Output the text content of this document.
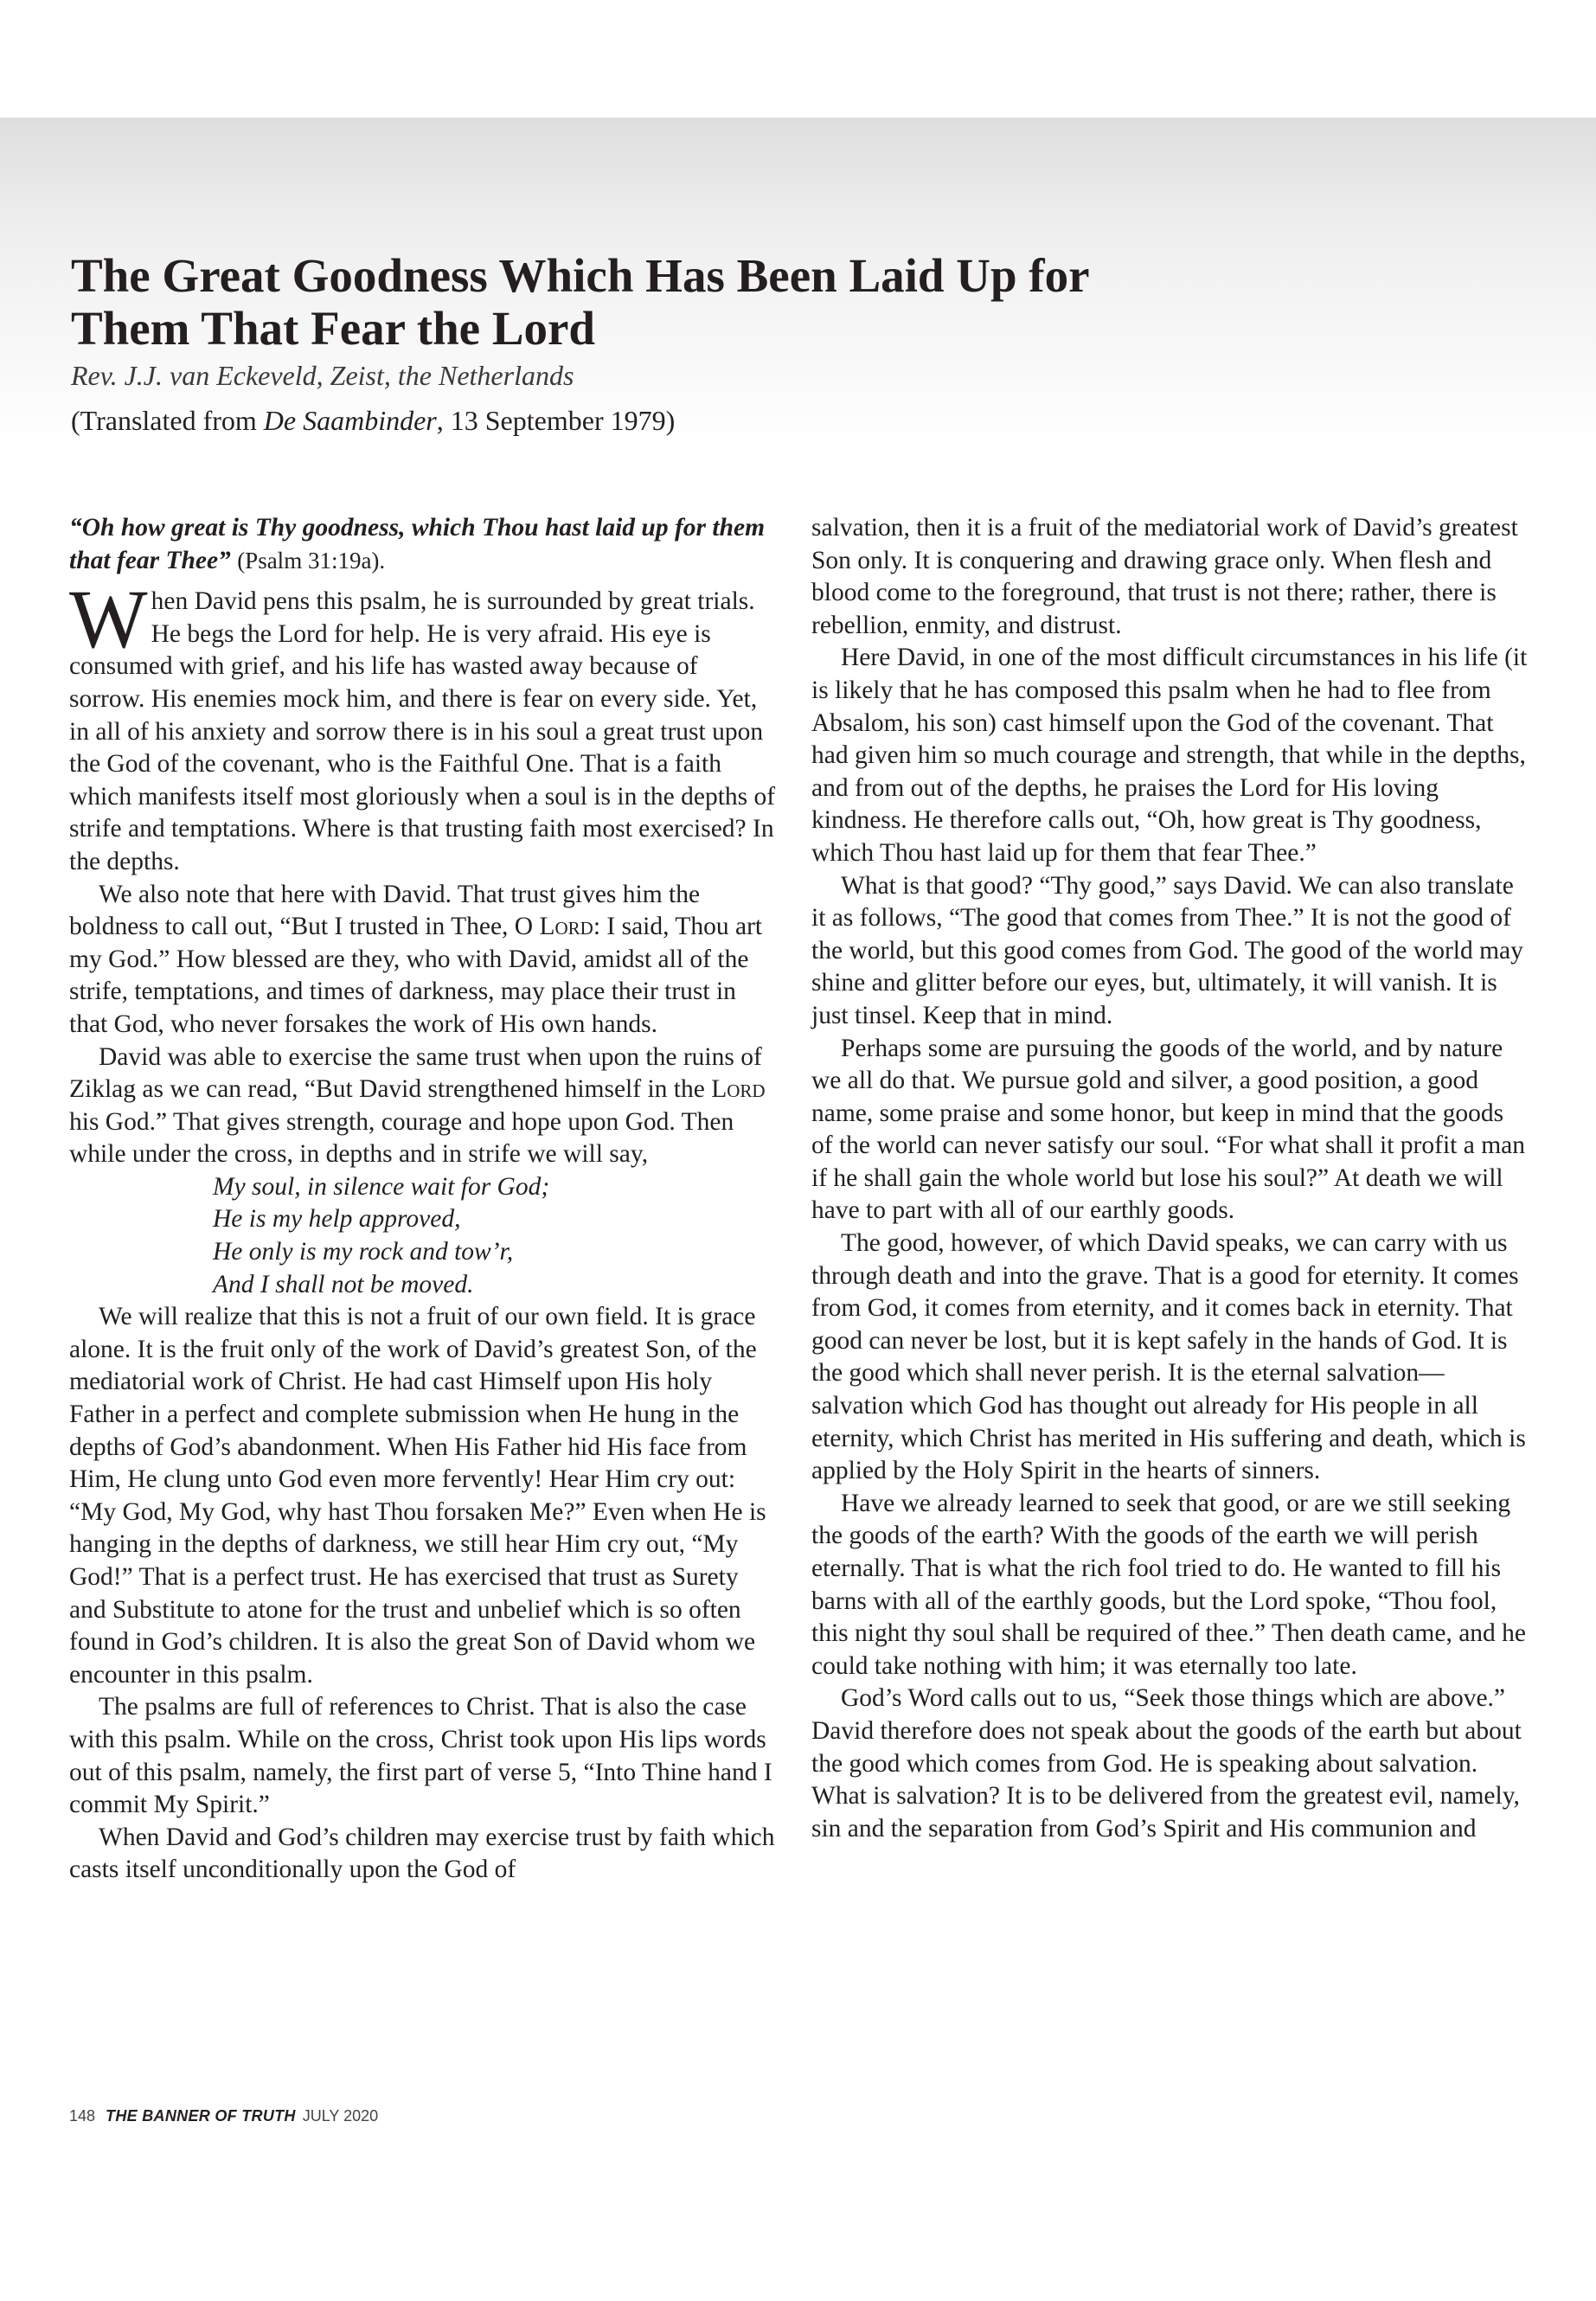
The Great Goodness Which Has Been Laid Up for Them That Fear the Lord

Rev. J.J. van Eckeveld, Zeist, the Netherlands

(Translated from De Saambinder, 13 September 1979)

“Oh how great is Thy goodness, which Thou hast laid up for them that fear Thee” (Psalm 31:19a).

When David pens this psalm, he is surrounded by great trials. He begs the Lord for help. He is very afraid. His eye is consumed with grief, and his life has wasted away because of sorrow. His enemies mock him, and there is fear on every side. Yet, in all of his anxiety and sorrow there is in his soul a great trust upon the God of the covenant, who is the Faithful One. That is a faith which manifests itself most gloriously when a soul is in the depths of strife and temptations. Where is that trusting faith most exercised? In the depths.

We also note that here with David. That trust gives him the boldness to call out, “But I trusted in Thee, O Lord: I said, Thou art my God.” How blessed are they, who with David, amidst all of the strife, temptations, and times of darkness, may place their trust in that God, who never forsakes the work of His own hands.

David was able to exercise the same trust when upon the ruins of Ziklag as we can read, “But David strengthened himself in the Lord his God.” That gives strength, courage and hope upon God. Then while under the cross, in depths and in strife we will say,

My soul, in silence wait for God;
He is my help approved,
He only is my rock and tow’r,
And I shall not be moved.

We will realize that this is not a fruit of our own field. It is grace alone. It is the fruit only of the work of David’s greatest Son, of the mediatorial work of Christ. He had cast Himself upon His holy Father in a perfect and complete submission when He hung in the depths of God’s abandonment. When His Father hid His face from Him, He clung unto God even more fervently! Hear Him cry out: “My God, My God, why hast Thou forsaken Me?” Even when He is hanging in the depths of darkness, we still hear Him cry out, “My God!” That is a perfect trust. He has exercised that trust as Surety and Substitute to atone for the trust and unbelief which is so often found in God’s children. It is also the great Son of David whom we encounter in this psalm.

The psalms are full of references to Christ. That is also the case with this psalm. While on the cross, Christ took upon His lips words out of this psalm, namely, the first part of verse 5, “Into Thine hand I commit My Spirit.”

When David and God’s children may exercise trust by faith which casts itself unconditionally upon the God of

salvation, then it is a fruit of the mediatorial work of David’s greatest Son only. It is conquering and drawing grace only. When flesh and blood come to the foreground, that trust is not there; rather, there is rebellion, enmity, and distrust.

Here David, in one of the most difficult circumstances in his life (it is likely that he has composed this psalm when he had to flee from Absalom, his son) cast himself upon the God of the covenant. That had given him so much courage and strength, that while in the depths, and from out of the depths, he praises the Lord for His loving kindness. He therefore calls out, “Oh, how great is Thy goodness, which Thou hast laid up for them that fear Thee.”

What is that good? “Thy good,” says David. We can also translate it as follows, “The good that comes from Thee.” It is not the good of the world, but this good comes from God. The good of the world may shine and glitter before our eyes, but, ultimately, it will vanish. It is just tinsel. Keep that in mind.

Perhaps some are pursuing the goods of the world, and by nature we all do that. We pursue gold and silver, a good position, a good name, some praise and some honor, but keep in mind that the goods of the world can never satisfy our soul. “For what shall it profit a man if he shall gain the whole world but lose his soul?” At death we will have to part with all of our earthly goods.

The good, however, of which David speaks, we can carry with us through death and into the grave. That is a good for eternity. It comes from God, it comes from eternity, and it comes back in eternity. That good can never be lost, but it is kept safely in the hands of God. It is the good which shall never perish. It is the eternal salvation—salvation which God has thought out already for His people in all eternity, which Christ has merited in His suffering and death, which is applied by the Holy Spirit in the hearts of sinners.

Have we already learned to seek that good, or are we still seeking the goods of the earth? With the goods of the earth we will perish eternally. That is what the rich fool tried to do. He wanted to fill his barns with all of the earthly goods, but the Lord spoke, “Thou fool, this night thy soul shall be required of thee.” Then death came, and he could take nothing with him; it was eternally too late.

God’s Word calls out to us, “Seek those things which are above.” David therefore does not speak about the goods of the earth but about the good which comes from God. He is speaking about salvation. What is salvation? It is to be delivered from the greatest evil, namely, sin and the separation from God’s Spirit and His communion and

148 THE BANNER OF TRUTH JULY 2020
